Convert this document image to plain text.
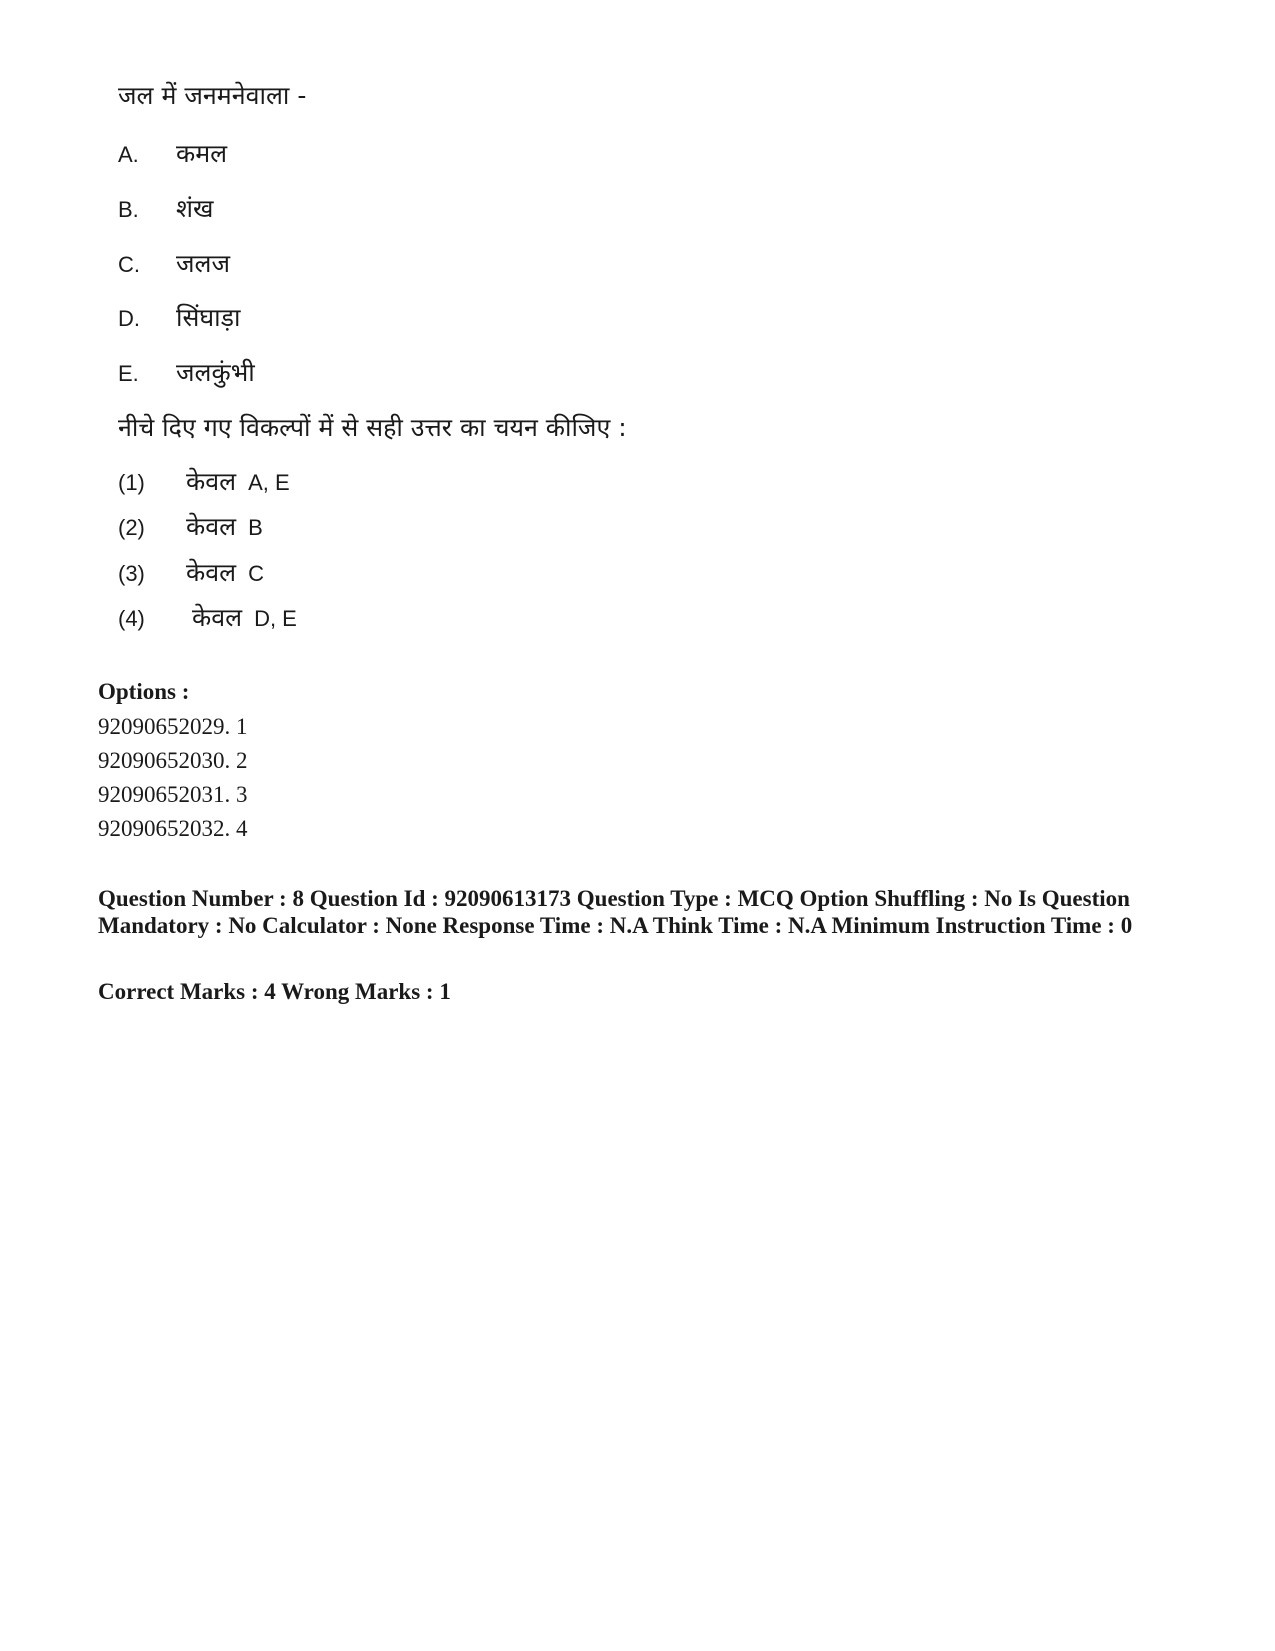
जल में जनमनेवाला -
A. कमल
B. शंख
C. जलज
D. सिंघाड़ा
E. जलकुंभी
नीचे दिए गए विकल्पों में से सही उत्तर का चयन कीजिए :
(1) केवल A, E
(2) केवल B
(3) केवल C
(4) केवल D, E
Options :
92090652029. 1
92090652030. 2
92090652031. 3
92090652032. 4
Question Number : 8 Question Id : 92090613173 Question Type : MCQ Option Shuffling : No Is Question Mandatory : No Calculator : None Response Time : N.A Think Time : N.A Minimum Instruction Time : 0
Correct Marks : 4 Wrong Marks : 1
